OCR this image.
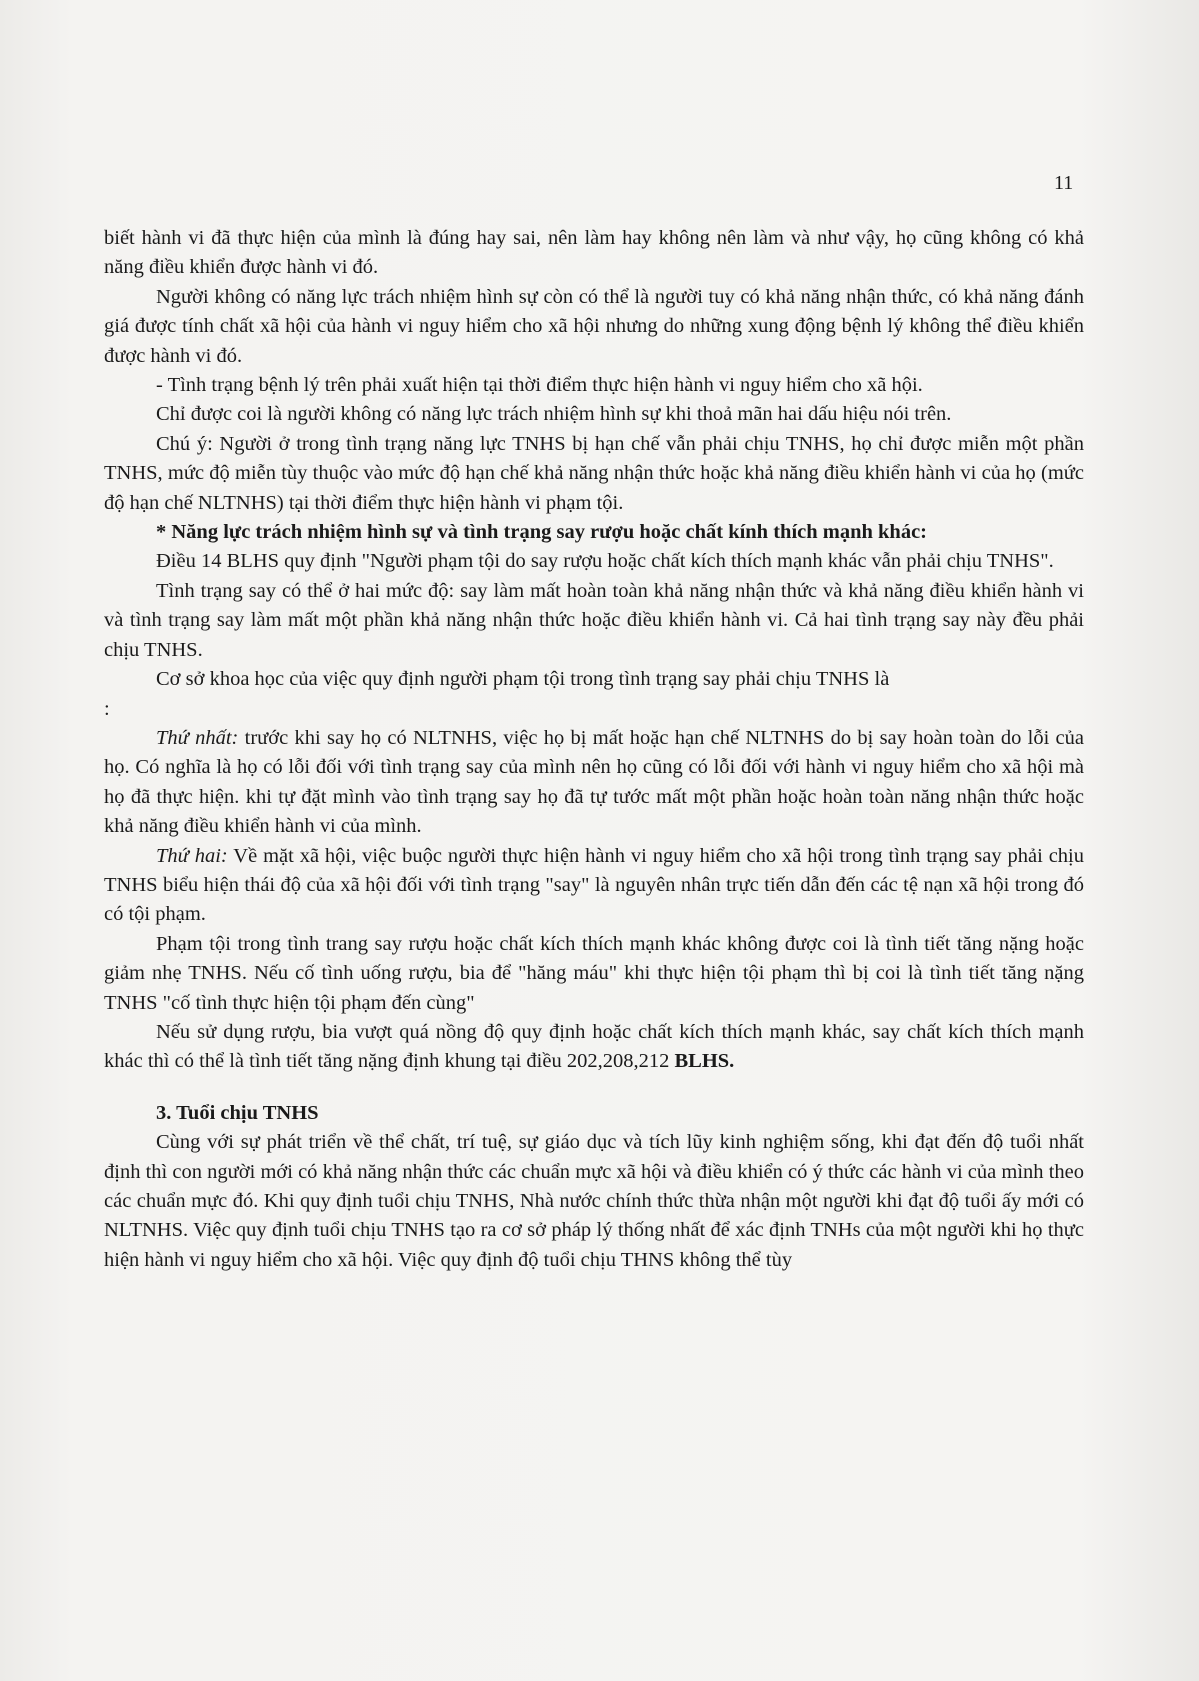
11

biết hành vi đã thực hiện của mình là đúng hay sai, nên làm hay không nên làm và như vậy, họ cũng không có khả năng điều khiển được hành vi đó.

Người không có năng lực trách nhiệm hình sự còn có thể là người tuy có khả năng nhận thức, có khả năng đánh giá được tính chất xã hội của hành vi nguy hiểm cho xã hội nhưng do những xung động bệnh lý không thể điều khiển được hành vi đó.

- Tình trạng bệnh lý trên phải xuất hiện tại thời điểm thực hiện hành vi nguy hiểm cho xã hội.

Chỉ được coi là người không có năng lực trách nhiệm hình sự khi thoả mãn hai dấu hiệu nói trên.

Chú ý: Người ở trong tình trạng năng lực TNHS bị hạn chế vẫn phải chịu TNHS, họ chỉ được miễn một phần TNHS, mức độ miễn tùy thuộc vào mức độ hạn chế khả năng nhận thức hoặc khả năng điều khiển hành vi của họ (mức độ hạn chế NLTNHS) tại thời điểm thực hiện hành vi phạm tội.

* Năng lực trách nhiệm hình sự và tình trạng say rượu hoặc chất kính thích mạnh khác:

Điều 14 BLHS quy định "Người phạm tội do say rượu hoặc chất kích thích mạnh khác vẫn phải chịu TNHS".

Tình trạng say có thể ở hai mức độ: say làm mất hoàn toàn khả năng nhận thức và khả năng điều khiển hành vi và tình trạng say làm mất một phần khả năng nhận thức hoặc điều khiển hành vi. Cả hai tình trạng say này đều phải chịu TNHS.

Cơ sở khoa học của việc quy định người phạm tội trong tình trạng say phải chịu TNHS là

:

Thứ nhất: trước khi say họ có NLTNHS, việc họ bị mất hoặc hạn chế NLTNHS do bị say hoàn toàn do lỗi của họ. Có nghĩa là họ có lỗi đối với tình trạng say của mình nên họ cũng có lỗi đối với hành vi nguy hiểm cho xã hội mà họ đã thực hiện. khi tự đặt mình vào tình trạng say họ đã tự tước mất một phần hoặc hoàn toàn năng nhận thức hoặc khả năng điều khiển hành vi của mình.

Thứ hai: Về mặt xã hội, việc buộc người thực hiện hành vi nguy hiểm cho xã hội trong tình trạng say phải chịu TNHS biểu hiện thái độ của xã hội đối với tình trạng "say" là nguyên nhân trực tiến dẫn đến các tệ nạn xã hội trong đó có tội phạm.

Phạm tội trong tình trang say rượu hoặc chất kích thích mạnh khác không được coi là tình tiết tăng nặng hoặc giảm nhẹ TNHS. Nếu cố tình uống rượu, bia để "hăng máu" khi thực hiện tội phạm thì bị coi là tình tiết tăng nặng TNHS "cố tình thực hiện tội phạm đến cùng"

Nếu sử dụng rượu, bia vượt quá nồng độ quy định hoặc chất kích thích mạnh khác, say chất kích thích mạnh khác thì có thể là tình tiết tăng nặng định khung tại điều 202,208,212 BLHS.

3. Tuổi chịu TNHS

Cùng với sự phát triển về thể chất, trí tuệ, sự giáo dục và tích lũy kinh nghiệm sống, khi đạt đến độ tuổi nhất định thì con người mới có khả năng nhận thức các chuẩn mực xã hội và điều khiển có ý thức các hành vi của mình theo các chuẩn mực đó. Khi quy định tuổi chịu TNHS, Nhà nước chính thức thừa nhận một người khi đạt độ tuổi ấy mới có NLTNHS. Việc quy định tuổi chịu TNHS tạo ra cơ sở pháp lý thống nhất để xác định TNHs của một người khi họ thực hiện hành vi nguy hiểm cho xã hội. Việc quy định độ tuổi chịu THNS không thể tùy
